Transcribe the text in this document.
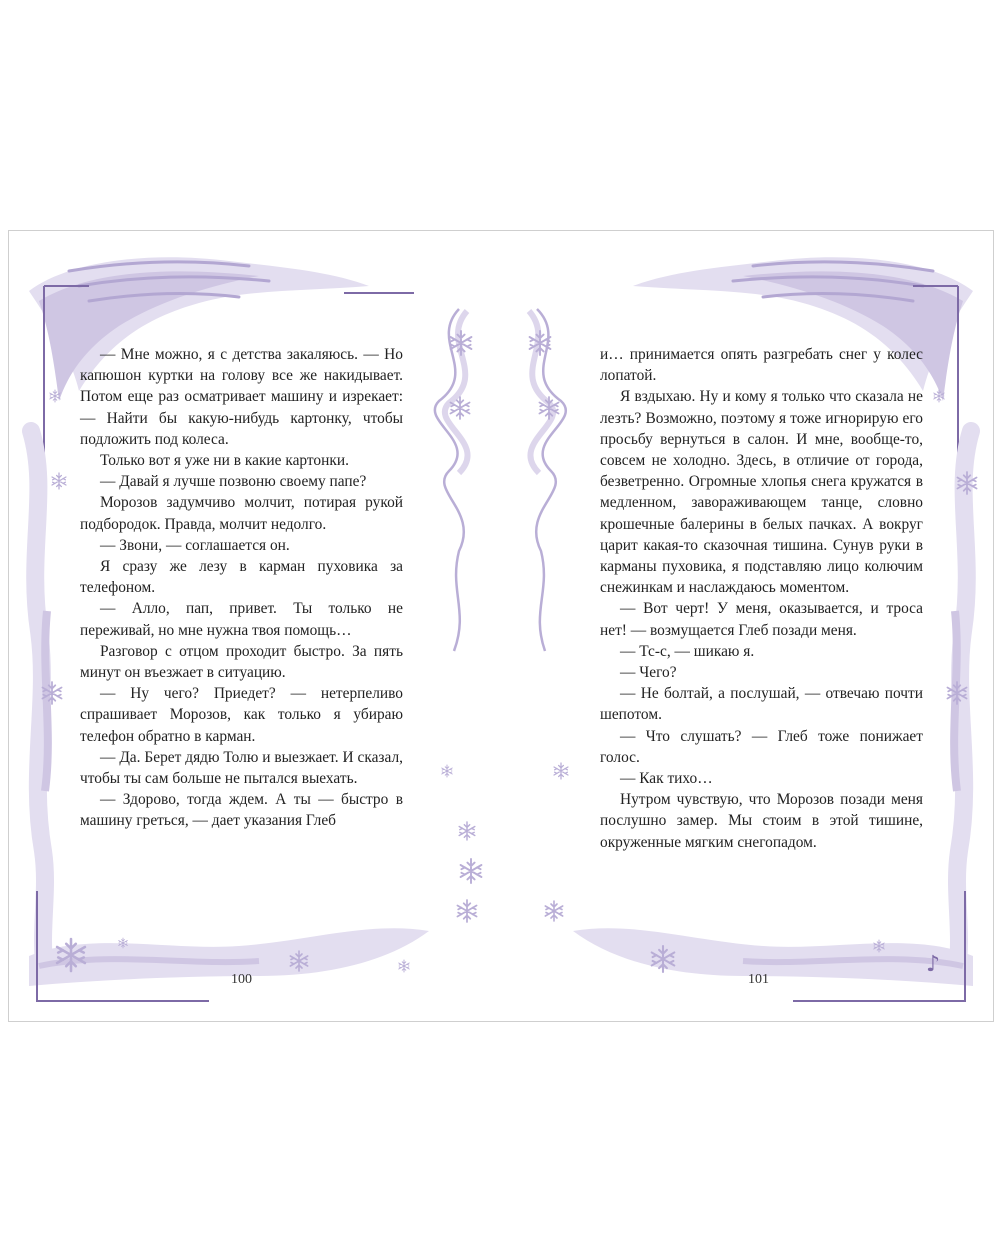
♪

— Мне можно, я с детства закаляюсь. — Но капюшон куртки на голову все же накидывает. Потом еще раз осматривает машину и изрекает: — Найти бы какую-нибудь картонку, чтобы подложить под колеса.

Только вот я уже ни в какие картонки.

— Давай я лучше позвоню своему папе?

Морозов задумчиво молчит, потирая рукой подбородок. Правда, молчит недолго.

— Звони, — соглашается он.

Я сразу же лезу в карман пуховика за телефоном.

— Алло, пап, привет. Ты только не переживай, но мне нужна твоя помощь…

Разговор с отцом проходит быстро. За пять минут он въезжает в ситуацию.

— Ну чего? Приедет? — нетерпеливо спрашивает Морозов, как только я убираю телефон обратно в карман.

— Да. Берет дядю Толю и выезжает. И сказал, чтобы ты сам больше не пытался выехать.

— Здорово, тогда ждем. А ты — быстро в машину греться, — дает указания Глеб

и… принимается опять разгребать снег у колес лопатой.

Я вздыхаю. Ну и кому я только что сказала не лезть? Возможно, поэтому я тоже игнорирую его просьбу вернуться в салон. И мне, вообще-то, совсем не холодно. Здесь, в отличие от города, безветренно. Огромные хлопья снега кружатся в медленном, завораживающем танце, словно крошечные балерины в белых пачках. А вокруг царит какая-то сказочная тишина. Сунув руки в карманы пуховика, я подставляю лицо колючим снежинкам и наслаждаюсь моментом.

— Вот черт! У меня, оказывается, и троса нет! — возмущается Глеб позади меня.

— Тс-с, — шикаю я.

— Чего?

— Не болтай, а послушай, — отвечаю почти шепотом.

— Что слушать? — Глеб тоже понижает голос.

— Как тихо…

Нутром чувствую, что Морозов позади меня послушно замер. Мы стоим в этой тишине, окруженные мягким снегопадом.

100	101
